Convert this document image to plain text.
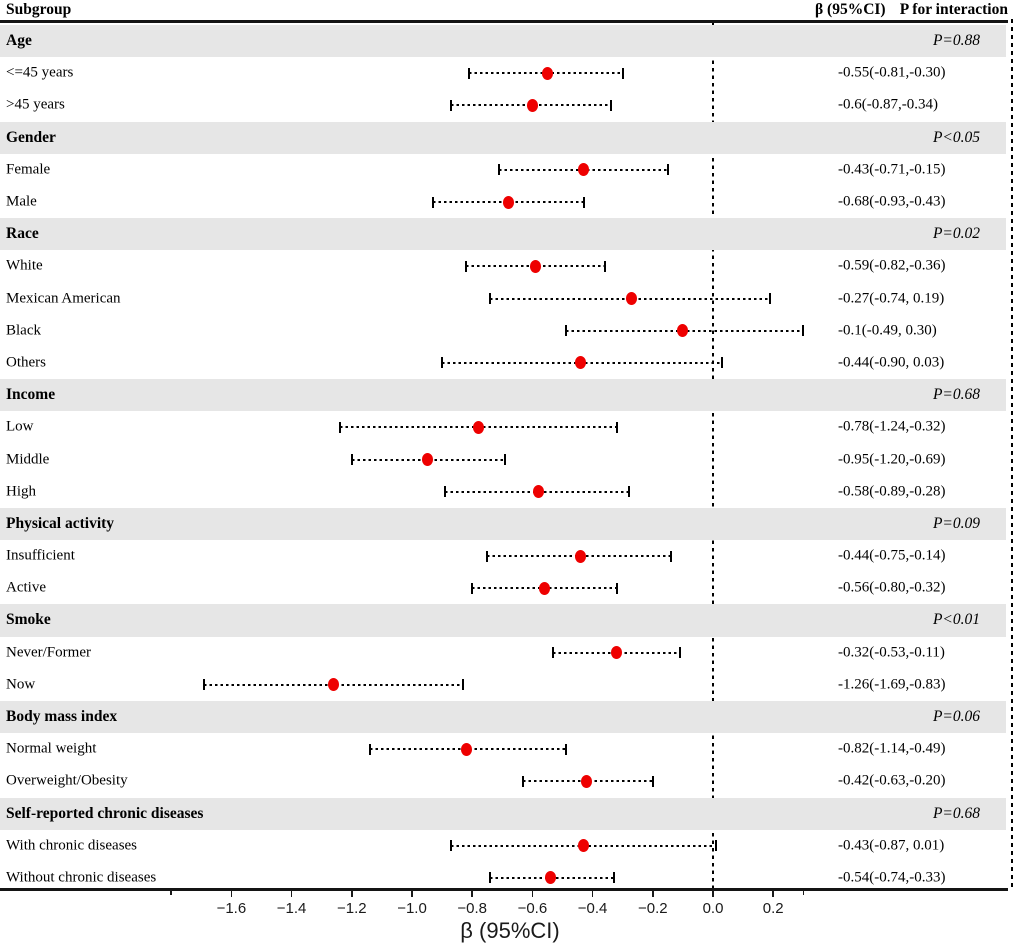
Subgroup	β (95%CI) P for interaction
Age	P=0.88
<=45 years	-0.55(-0.81,-0.30)
>45 years	-0.6(-0.87,-0.34)
Gender	P<0.05
Female	-0.43(-0.71,-0.15)
Male	-0.68(-0.93,-0.43)
Race	P=0.02
White	-0.59(-0.82,-0.36)
Mexican American	-0.27(-0.74, 0.19)
Black	-0.1(-0.49, 0.30)
Others	-0.44(-0.90, 0.03)
Income	P=0.68
Low	-0.78(-1.24,-0.32)
Middle	-0.95(-1.20,-0.69)
High	-0.58(-0.89,-0.28)
Physical activity	P=0.09
Insufficient	-0.44(-0.75,-0.14)
Active	-0.56(-0.80,-0.32)
Smoke	P<0.01
Never/Former	-0.32(-0.53,-0.11)
Now	-1.26(-1.69,-0.83)
Body mass index	P=0.06
Normal weight	-0.82(-1.14,-0.49)
Overweight/Obesity	-0.42(-0.63,-0.20)
Self-reported chronic diseases	P=0.68
With chronic diseases	-0.43(-0.87, 0.01)
Without chronic diseases	-0.54(-0.74,-0.33)
β (95%CI)
−1.6	−1.4	−1.2	−1.0	−0.8	−0.6	−0.4	−0.2	0.0	0.2
